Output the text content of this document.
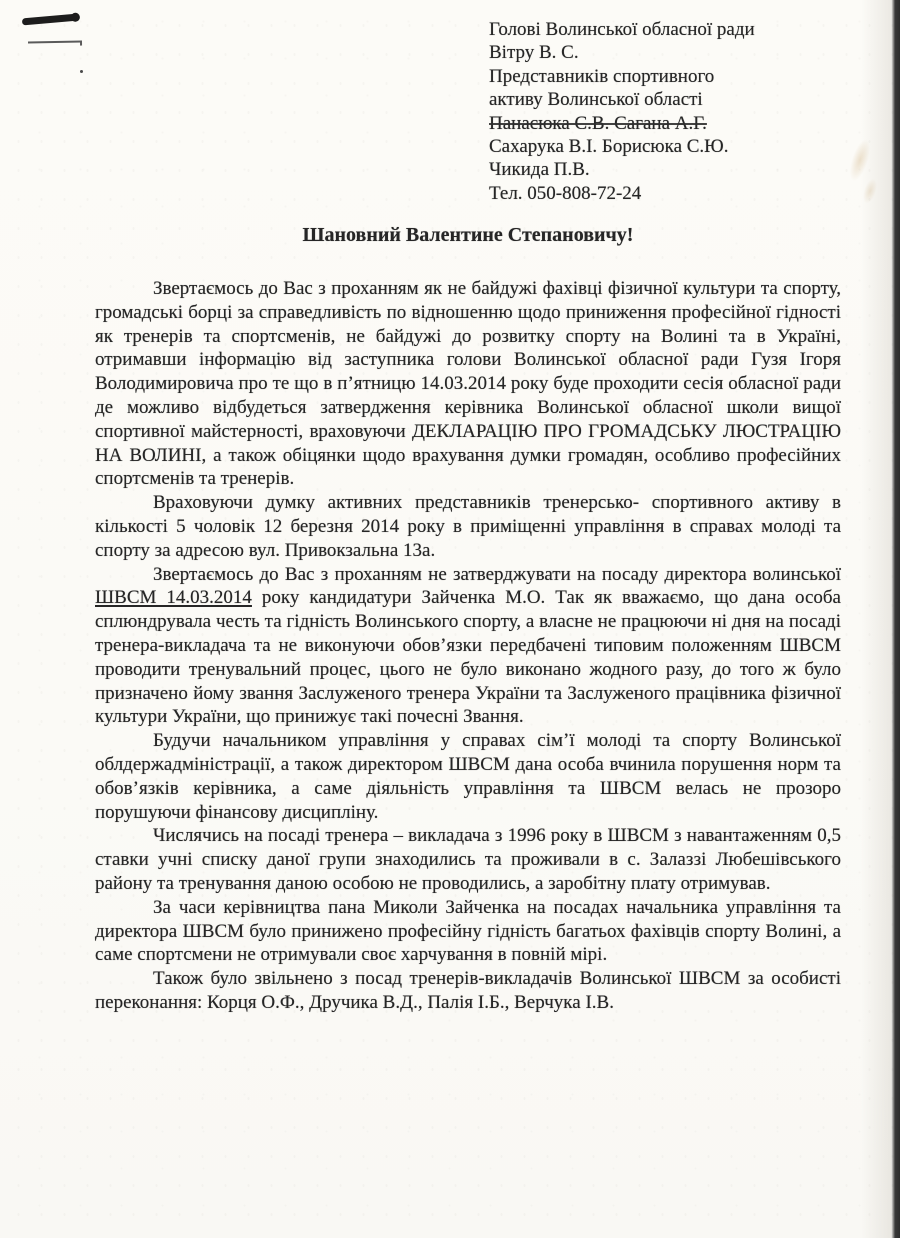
Голові Волинської обласної ради
Вітру В. С.
Представників спортивного
активу Волинської області
Панасюка С.В. Сагана А.Г.
Сахарука В.І. Борисюка С.Ю.
Чикида П.В.
Тел. 050-808-72-24
Шановний Валентине Степановичу!

Звертаємось до Вас з проханням як не байдужі фахівці фізичної культури та спорту, громадські борці за справедливість по відношенню щодо приниження професійної гідності як тренерів та спортсменів, не байдужі до розвитку спорту на Волині та в Україні, отримавши інформацію від заступника голови Волинської обласної ради Гузя Ігоря Володимировича про те що в п’ятницю 14.03.2014 року буде проходити сесія обласної ради де можливо відбудеться затвердження керівника Волинської обласної школи вищої спортивної майстерності, враховуючи ДЕКЛАРАЦІЮ ПРО ГРОМАДСЬКУ ЛЮСТРАЦІЮ НА ВОЛИНІ, а також обіцянки щодо врахування думки громадян, особливо професійних спортсменів та тренерів.

Враховуючи думку активних представників тренерсько- спортивного активу в кількості 5 чоловік 12 березня 2014 року в приміщенні управління в справах молоді та спорту за адресою вул. Привокзальна 13а.

Звертаємось до Вас з проханням не затверджувати на посаду директора волинської ШВСМ 14.03.2014 року кандидатури Зайченка М.О. Так як вважаємо, що дана особа сплюндрувала честь та гідність Волинського спорту, а власне не працюючи ні дня на посаді тренера-викладача та не виконуючи обов’язки передбачені типовим положенням ШВСМ проводити тренувальний процес, цього не було виконано жодного разу, до того ж було призначено йому звання Заслуженого тренера України та Заслуженого працівника фізичної культури України, що принижує такі почесні Звання.

Будучи начальником управління у справах сім’ї молоді та спорту Волинської облдержадміністрації, а також директором ШВСМ дана особа вчинила порушення норм та обов’язків керівника, а саме діяльність управління та ШВСМ велась не прозоро порушуючи фінансову дисципліну.

Числячись на посаді тренера – викладача з 1996 року в ШВСМ з навантаженням 0,5 ставки учні списку даної групи знаходились та проживали в с. Залаззі Любешівського району та тренування даною особою не проводились, а заробітну плату отримував.

За часи керівництва пана Миколи Зайченка на посадах начальника управління та директора ШВСМ було принижено професійну гідність багатьох фахівців спорту Волині, а саме спортсмени не отримували своє харчування в повній мірі.

Також було звільнено з посад тренерів-викладачів Волинської ШВСМ за особисті переконання: Корця О.Ф., Дручика В.Д., Палія І.Б., Верчука І.В.
